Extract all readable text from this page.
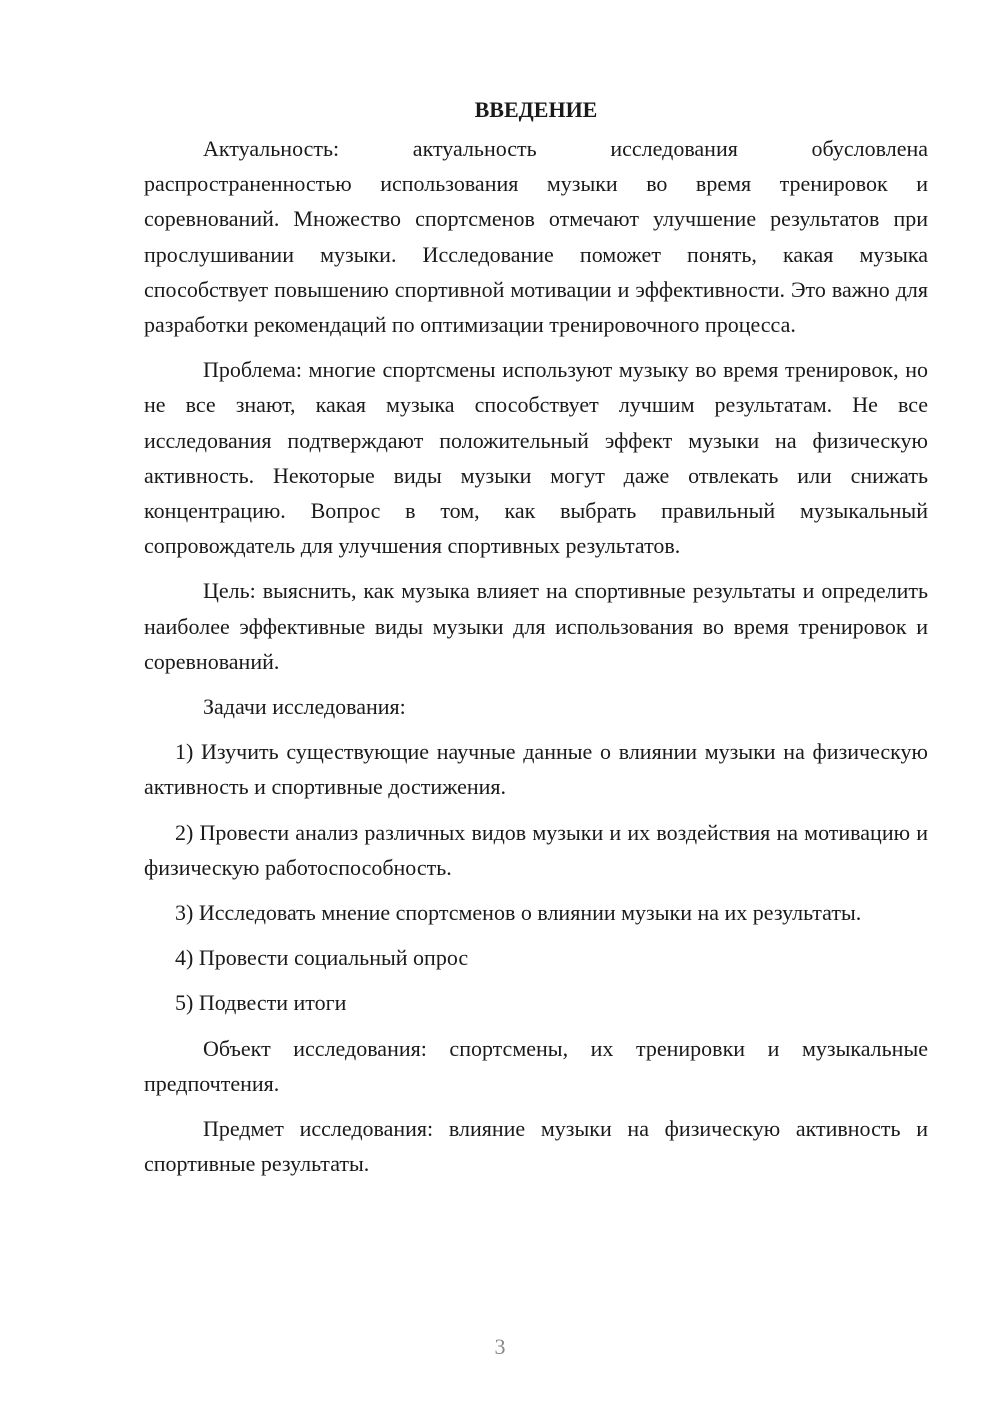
ВВЕДЕНИЕ

Актуальность: актуальность исследования обусловлена распространенностью использования музыки во время тренировок и соревнований. Множество спортсменов отмечают улучшение результатов при прослушивании музыки. Исследование поможет понять, какая музыка способствует повышению спортивной мотивации и эффективности. Это важно для разработки рекомендаций по оптимизации тренировочного процесса.

Проблема: многие спортсмены используют музыку во время тренировок, но не все знают, какая музыка способствует лучшим результатам. Не все исследования подтверждают положительный эффект музыки на физическую активность. Некоторые виды музыки могут даже отвлекать или снижать концентрацию. Вопрос в том, как выбрать правильный музыкальный сопровождатель для улучшения спортивных результатов.

Цель: выяснить, как музыка влияет на спортивные результаты и определить наиболее эффективные виды музыки для использования во время тренировок и соревнований.

Задачи исследования:

1) Изучить существующие научные данные о влиянии музыки на физическую активность и спортивные достижения.

2) Провести анализ различных видов музыки и их воздействия на мотивацию и физическую работоспособность.

3) Исследовать мнение спортсменов о влиянии музыки на их результаты.

4) Провести социальный опрос

5) Подвести итоги

Объект исследования: спортсмены, их тренировки и музыкальные предпочтения.

Предмет исследования: влияние музыки на физическую активность и спортивные результаты.

3
